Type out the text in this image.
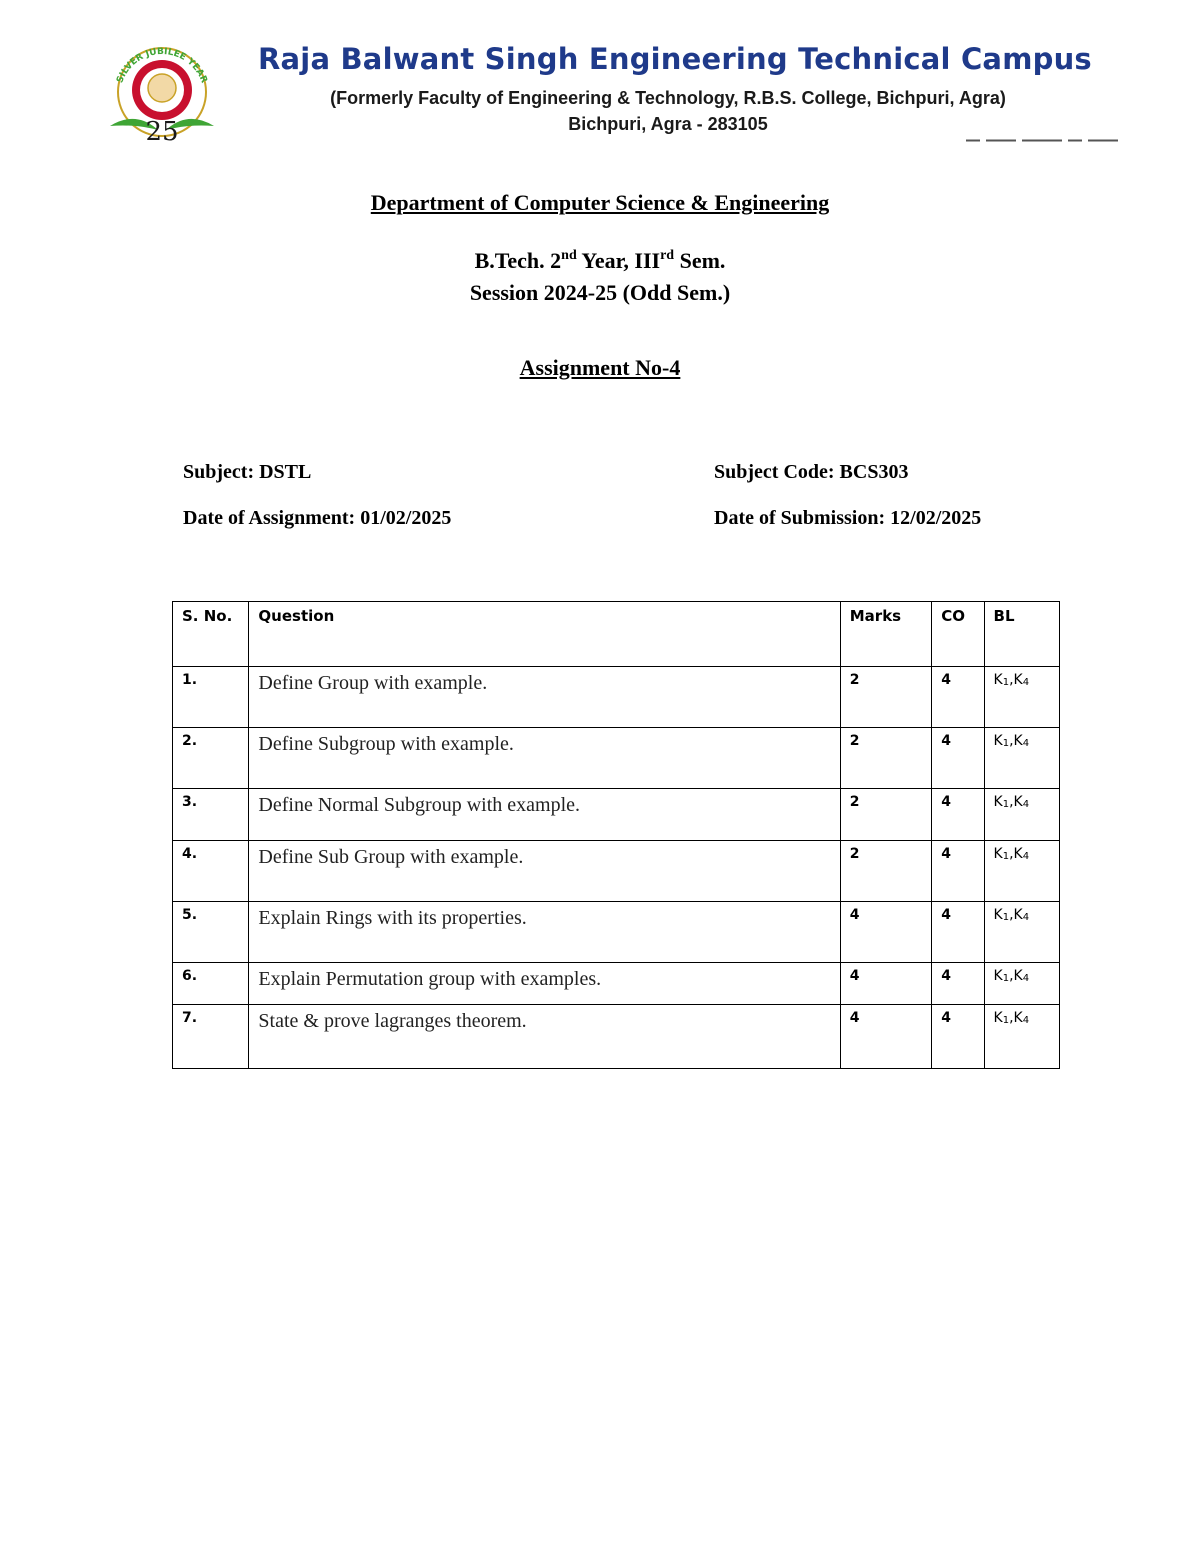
SILVER JUBILEE YEAR
25
Raja Balwant Singh Engineering Technical Campus
(Formerly Faculty of Engineering & Technology, R.B.S. College, Bichpuri, Agra)
Bichpuri, Agra - 283105
Department of Computer Science & Engineering
B.Tech. 2nd Year, IIIrd Sem.
Session 2024-25 (Odd Sem.)
Assignment No-4
Subject: DSTL	Subject Code: BCS303
Date of Assignment: 01/02/2025	Date of Submission: 12/02/2025
S. No.	Question	Marks	CO	BL
1.	Define Group with example.	2	4	$K_1,K_4$
2.	Define Subgroup with example.	2	4	$K_1,K_4$
3.	Define Normal Subgroup with example.	2	4	$K_1,K_4$
4.	Define Sub Group with example.	2	4	$K_1,K_4$
5.	Explain Rings with its properties.	4	4	$K_1,K_4$
6.	Explain Permutation group with examples.	4	4	$K_1,K_4$
7.	State & prove lagranges theorem.	4	4	$K_1,K_4$
